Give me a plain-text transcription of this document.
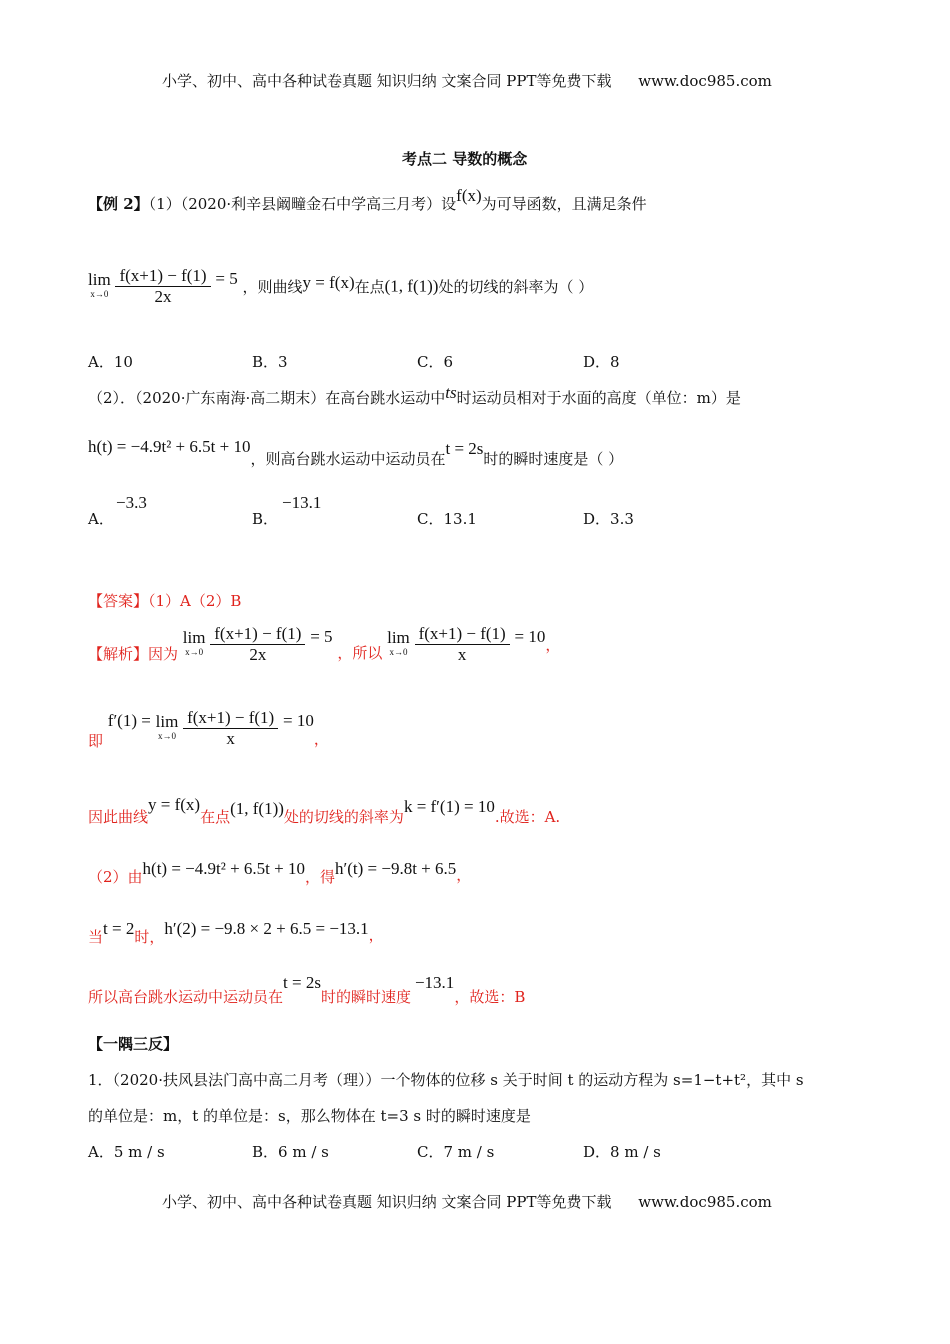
小学、初中、高中各种试卷真题 知识归纳 文案合同 PPT等免费下载 www.doc985.com
考点二 导数的概念
【例 2】（1）（2020·利辛县阚疃金石中学高三月考）设f(x)为可导函数，且满足条件
lim
x→0
$\frac{f(x+1) - f(1)}{2x} = 5$ ，则曲线y = f(x)在点(1, f(1))处的切线的斜率为（ ）
A．10	B．3	C．6	D．8
（2）．（2020·广东南海·高二期末）在高台跳水运动中ts时运动员相对于水面的高度（单位：m）是
h(t) = −4.9t² + 6.5t + 10，则高台跳水运动中运动员在t = 2s时的瞬时速度是（ ）
A．
−3.3
B．
−13.1
C．13.1	D．3.3
【答案】（1）A（2）B
【解析】因为 lim
x→0
$\frac{f(x+1) - f(1)}{2x} = 5$ ，所以 lim
x→0
$\frac{f(x+1) - f(1)}{x} = 10$，
即 f′(1) = lim
x→0
$\frac{f(x+1) - f(1)}{x} = 10$，
因此曲线y = f(x)在点(1, f(1))处的切线的斜率为k = f′(1) = 10.故选：A.
（2）由h(t) = −4.9t² + 6.5t + 10，得h′(t) = −9.8t + 6.5，
当t = 2时，h′(2) = −9.8 × 2 + 6.5 = −13.1，
所以高台跳水运动中运动员在t = 2s时的瞬时速度−13.1，故选：B
【一隅三反】
1．（2020·扶风县法门高中高二月考（理））一个物体的位移 s 关于时间 t 的运动方程为 s=1−t+t²，其中 s
的单位是：m，t 的单位是：s，那么物体在 t=3 s 时的瞬时速度是
A．5 m / s	B．6 m / s	C．7 m / s	D．8 m / s
小学、初中、高中各种试卷真题 知识归纳 文案合同 PPT等免费下载 www.doc985.com
